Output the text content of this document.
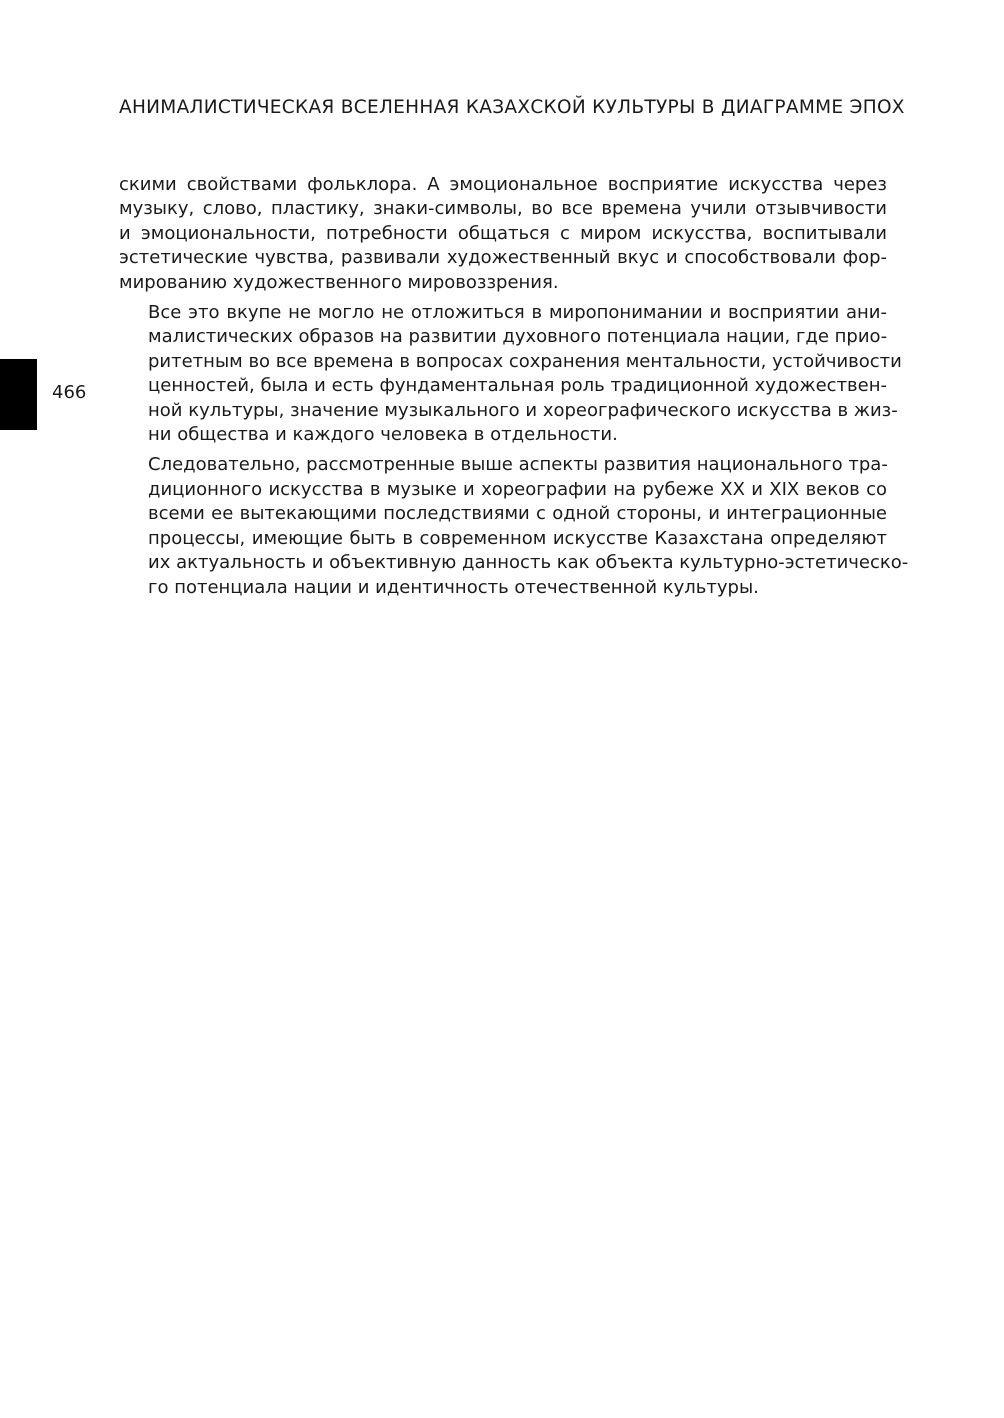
АНИМАЛИСТИЧЕСКАЯ ВСЕЛЕННАЯ КАЗАХСКОЙ КУЛЬТУРЫ В ДИАГРАММЕ ЭПОХ
466

скими свойствами фольклора. А эмоциональное восприятие искусства через
музыку, слово, пластику, знаки-символы, во все времена учили отзывчивости
и эмоциональности, потребности общаться с миром искусства, воспитывали
эстетические чувства, развивали художественный вкус и способствовали фор-
мированию художественного мировоззрения.

Все это вкупе не могло не отложиться в миропонимании и восприятии ани-
малистических образов на развитии духовного потенциала нации, где прио-
ритетным во все времена в вопросах сохранения ментальности, устойчивости
ценностей, была и есть фундаментальная роль традиционной художествен-
ной культуры, значение музыкального и хореографического искусства в жиз-
ни общества и каждого человека в отдельности.

Следовательно, рассмотренные выше аспекты развития национального тра-
диционного искусства в музыке и хореографии на рубеже XX и XIX веков со
всеми ее вытекающими последствиями с одной стороны, и интеграционные
процессы, имеющие быть в современном искусстве Казахстана определяют
их актуальность и объективную данность как объекта культурно-эстетическо-
го потенциала нации и идентичность отечественной культуры.
